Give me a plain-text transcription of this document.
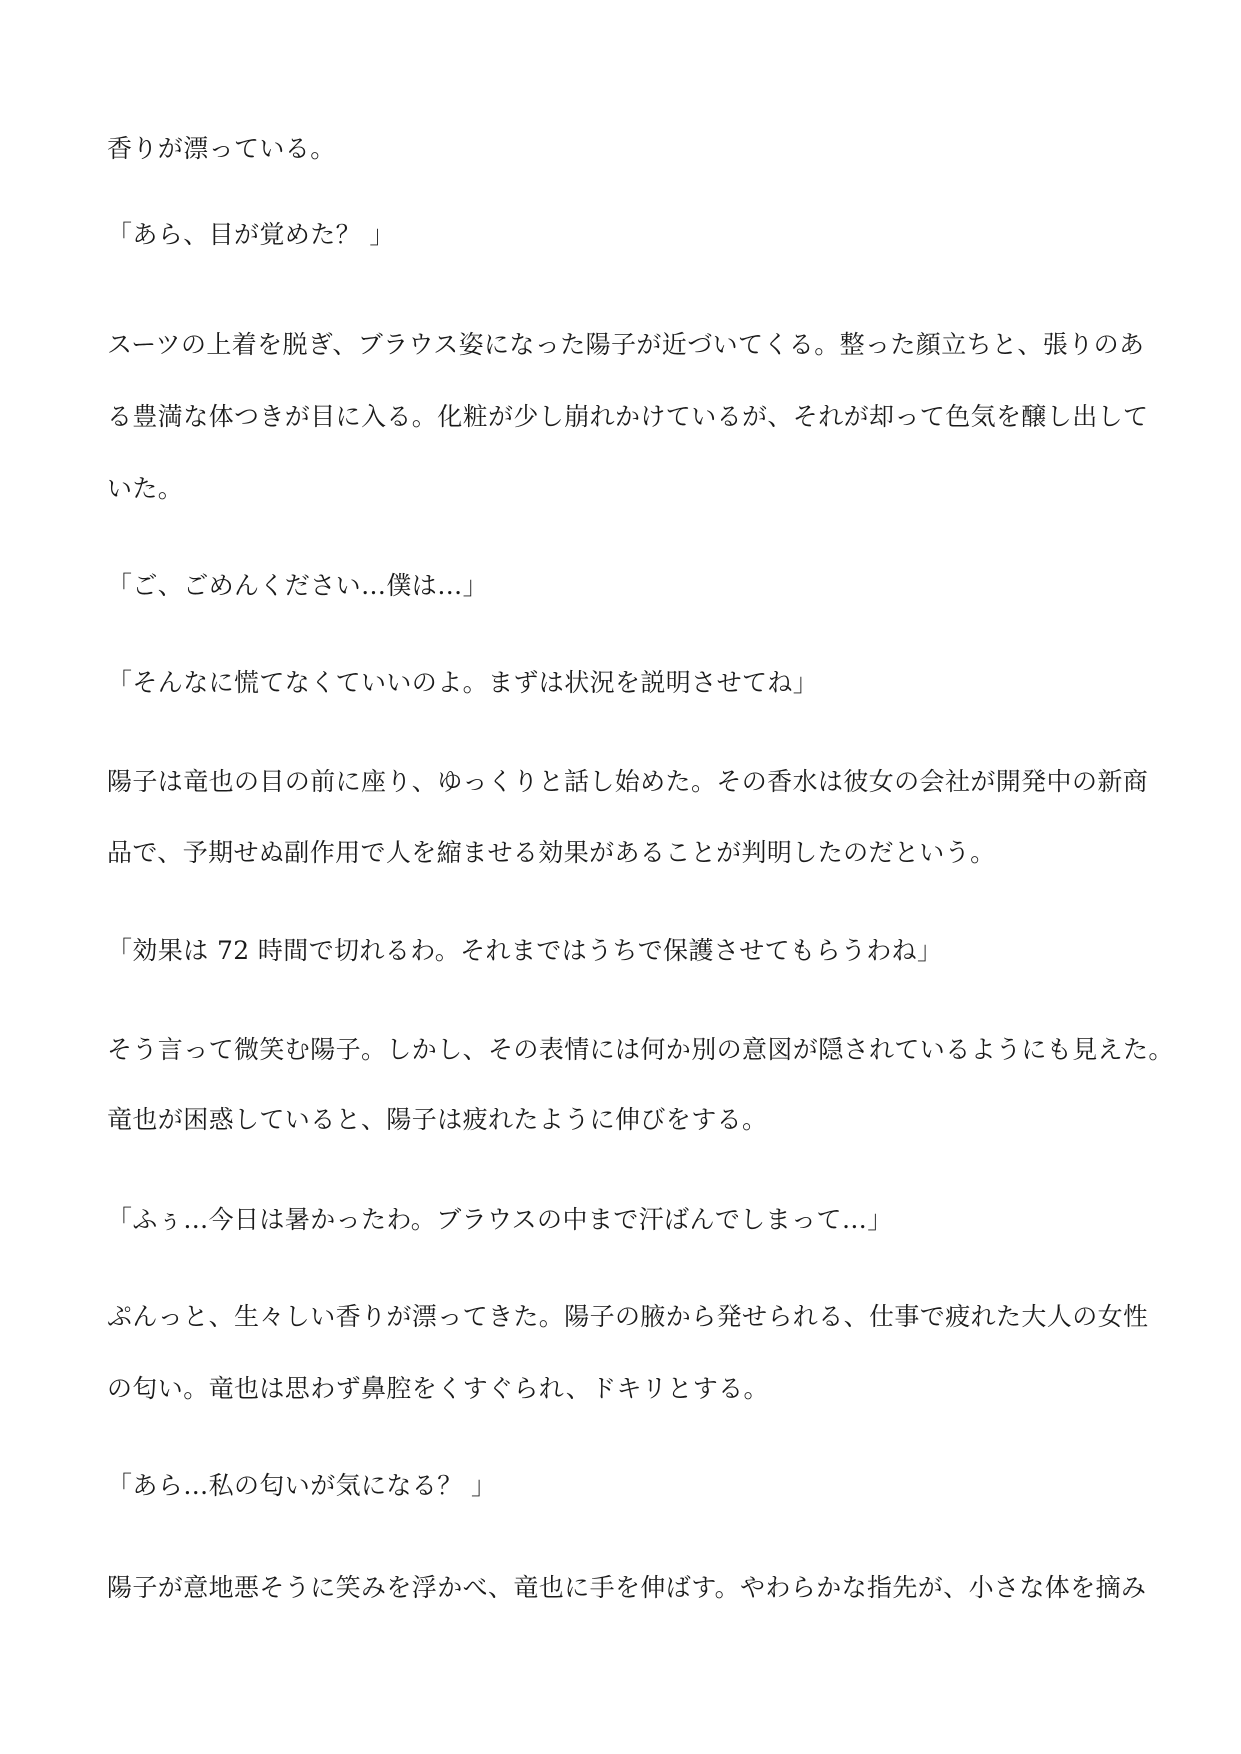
香りが漂っている。

「あら、目が覚めた？ 」

スーツの上着を脱ぎ、ブラウス姿になった陽子が近づいてくる。整った顔立ちと、張りのあ

る豊満な体つきが目に入る。化粧が少し崩れかけているが、それが却って色気を醸し出して

いた。

「ご、ごめんください…僕は…」

「そんなに慌てなくていいのよ。まずは状況を説明させてね」

陽子は竜也の目の前に座り、ゆっくりと話し始めた。その香水は彼女の会社が開発中の新商

品で、予期せぬ副作用で人を縮ませる効果があることが判明したのだという。

「効果は 72 時間で切れるわ。それまではうちで保護させてもらうわね」

そう言って微笑む陽子。しかし、その表情には何か別の意図が隠されているようにも見えた。

竜也が困惑していると、陽子は疲れたように伸びをする。

「ふぅ…今日は暑かったわ。ブラウスの中まで汗ばんでしまって…」

ぷんっと、生々しい香りが漂ってきた。陽子の腋から発せられる、仕事で疲れた大人の女性

の匂い。竜也は思わず鼻腔をくすぐられ、ドキリとする。

「あら…私の匂いが気になる？ 」

陽子が意地悪そうに笑みを浮かべ、竜也に手を伸ばす。やわらかな指先が、小さな体を摘み
